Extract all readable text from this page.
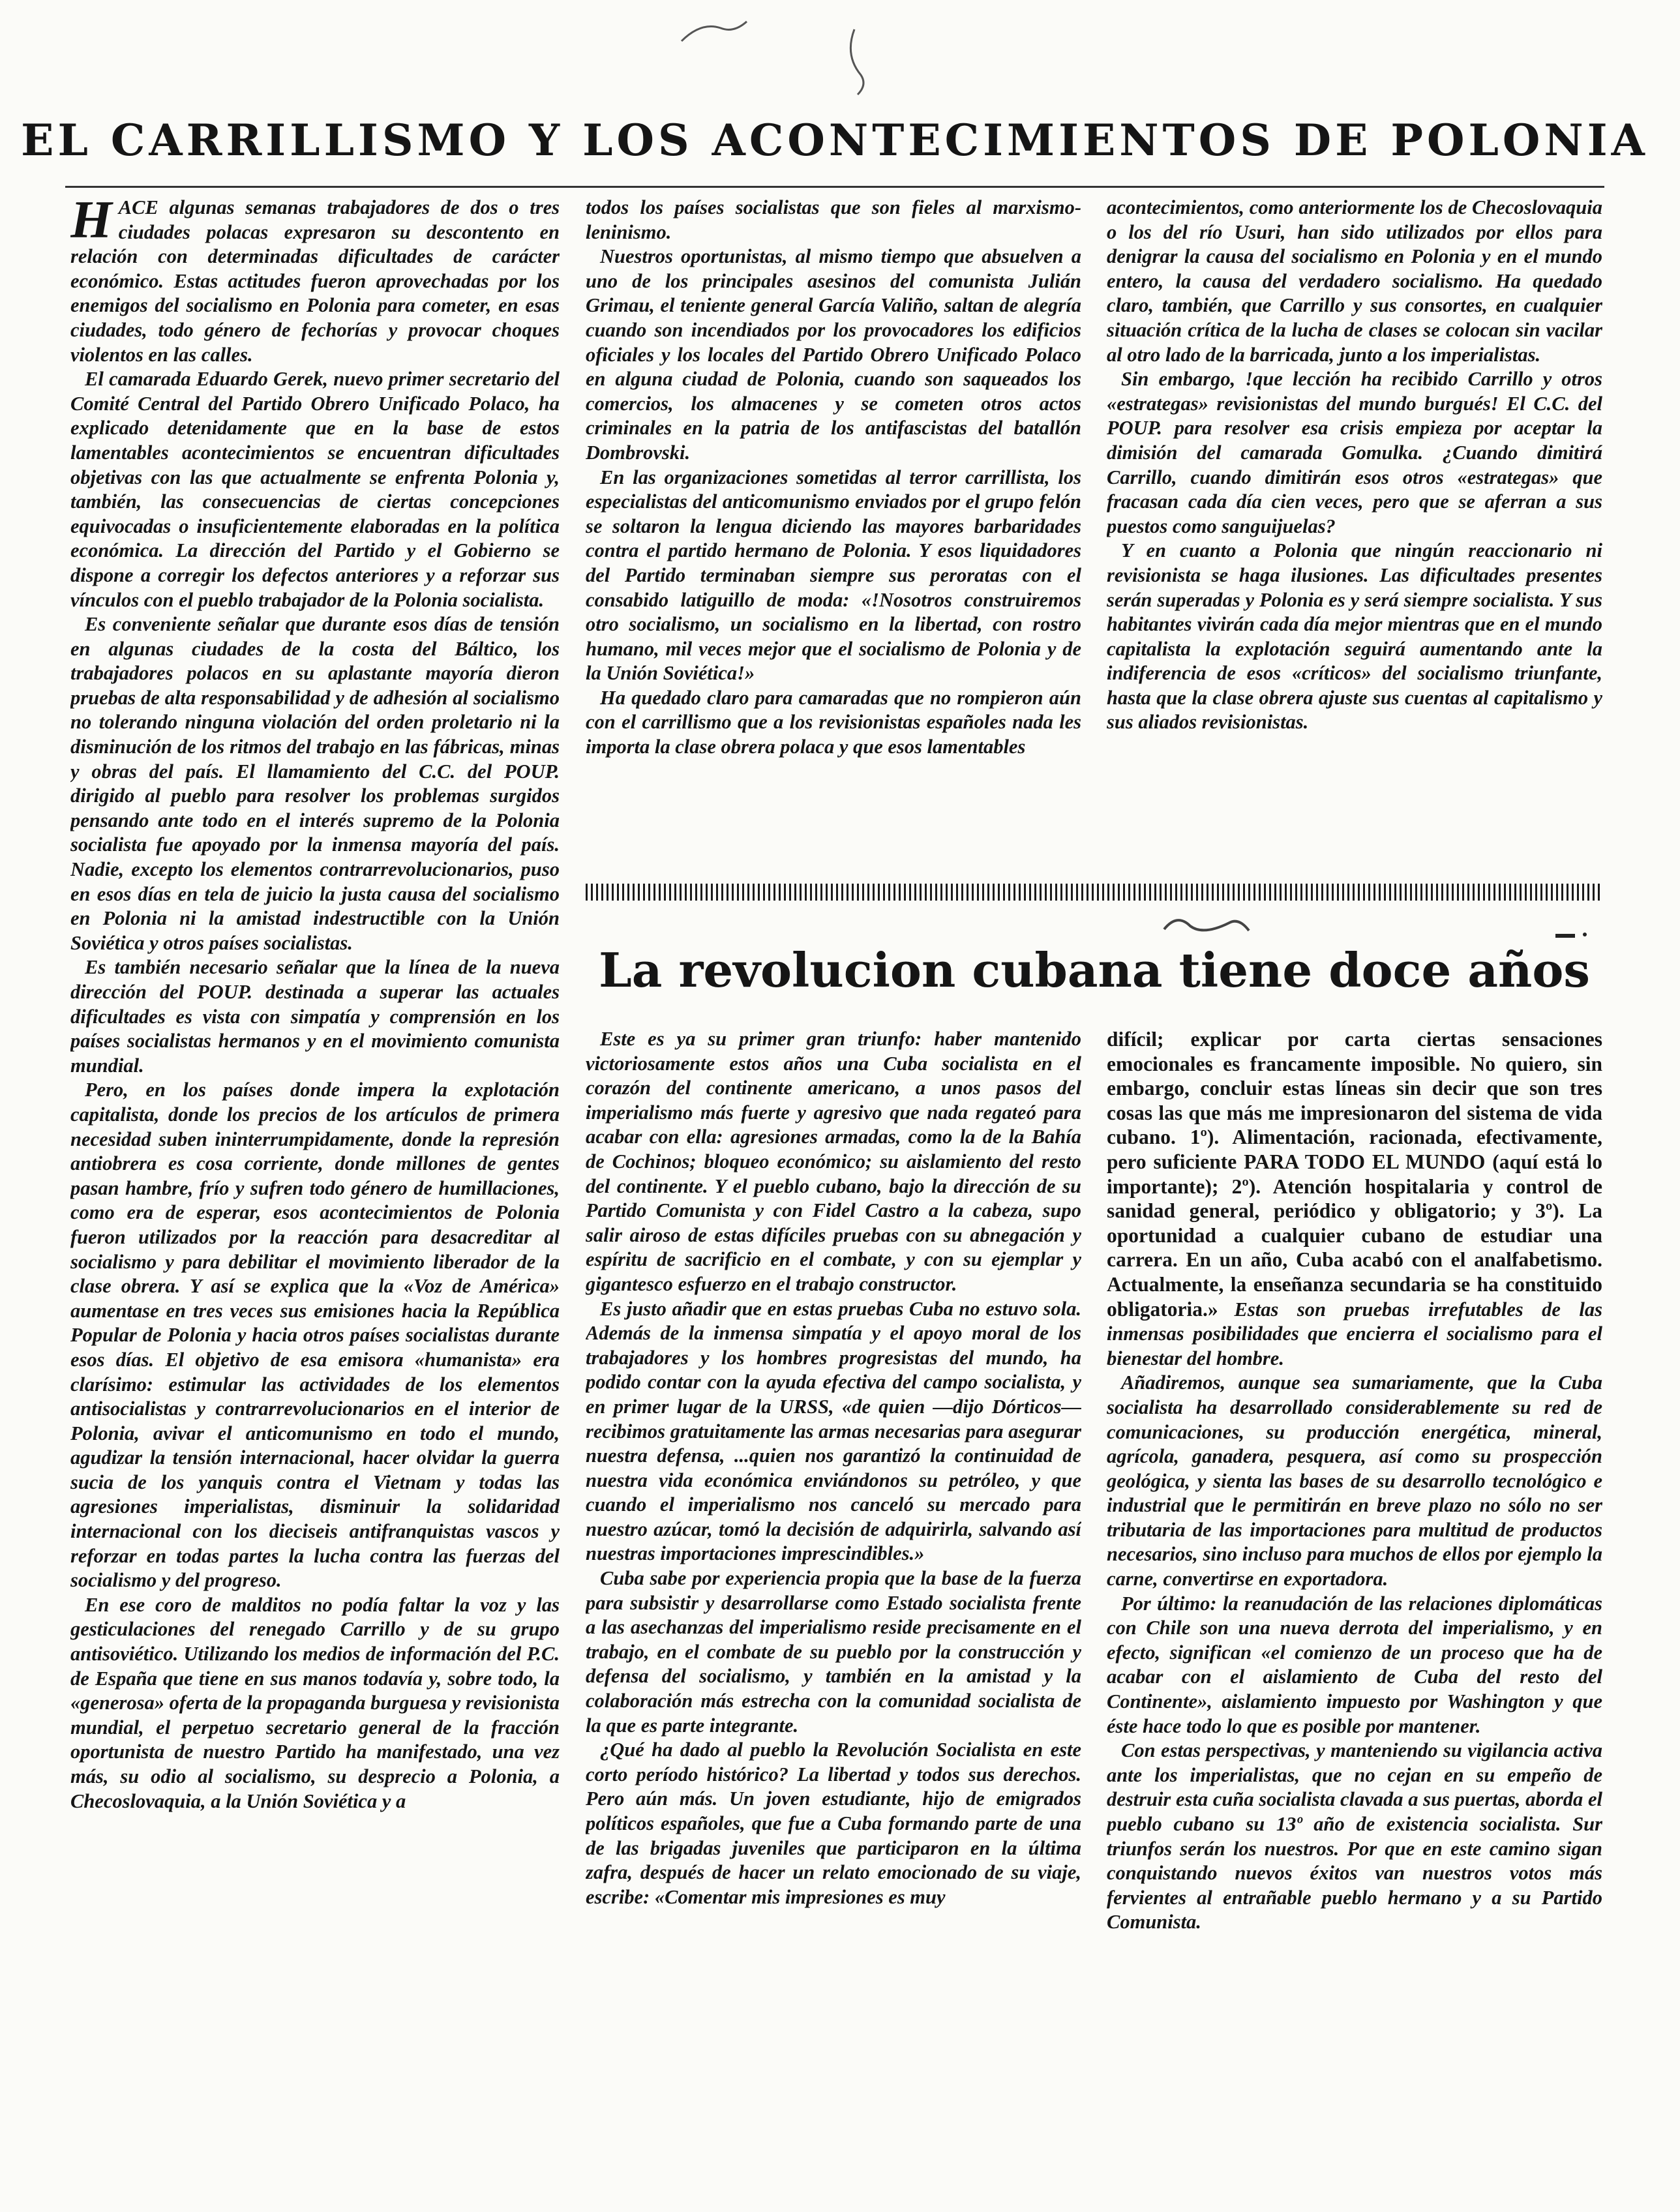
EL CARRILLISMO Y LOS ACONTECIMIENTOS DE POLONIA

HACE algunas semanas trabajadores de dos o tres ciudades polacas expresaron su descontento en relación con determinadas dificultades de carácter económico. Estas actitudes fueron aprovechadas por los enemigos del socialismo en Polonia para cometer, en esas ciudades, todo género de fechorías y provocar choques violentos en las calles.

El camarada Eduardo Gerek, nuevo primer secretario del Comité Central del Partido Obrero Unificado Polaco, ha explicado detenidamente que en la base de estos lamentables acontecimientos se encuentran dificultades objetivas con las que actualmente se enfrenta Polonia y, también, las consecuencias de ciertas concepciones equivocadas o insuficientemente elaboradas en la política económica. La dirección del Partido y el Gobierno se dispone a corregir los defectos anteriores y a reforzar sus vínculos con el pueblo trabajador de la Polonia socialista.

Es conveniente señalar que durante esos días de tensión en algunas ciudades de la costa del Báltico, los trabajadores polacos en su aplastante mayoría dieron pruebas de alta responsabilidad y de adhesión al socialismo no tolerando ninguna violación del orden proletario ni la disminución de los ritmos del trabajo en las fábricas, minas y obras del país. El llamamiento del C.C. del POUP. dirigido al pueblo para resolver los problemas surgidos pensando ante todo en el interés supremo de la Polonia socialista fue apoyado por la inmensa mayoría del país. Nadie, excepto los elementos contrarrevolucionarios, puso en esos días en tela de juicio la justa causa del socialismo en Polonia ni la amistad indestructible con la Unión Soviética y otros países socialistas.

Es también necesario señalar que la línea de la nueva dirección del POUP. destinada a superar las actuales dificultades es vista con simpatía y comprensión en los países socialistas hermanos y en el movimiento comunista mundial.

Pero, en los países donde impera la explotación capitalista, donde los precios de los artículos de primera necesidad suben ininterrumpidamente, donde la represión antiobrera es cosa corriente, donde millones de gentes pasan hambre, frío y sufren todo género de humillaciones, como era de esperar, esos acontecimientos de Polonia fueron utilizados por la reacción para desacreditar al socialismo y para debilitar el movimiento liberador de la clase obrera. Y así se explica que la «Voz de América» aumentase en tres veces sus emisiones hacia la República Popular de Polonia y hacia otros países socialistas durante esos días. El objetivo de esa emisora «humanista» era clarísimo: estimular las actividades de los elementos antisocialistas y contrarrevolucionarios en el interior de Polonia, avivar el anticomunismo en todo el mundo, agudizar la tensión internacional, hacer olvidar la guerra sucia de los yanquis contra el Vietnam y todas las agresiones imperialistas, disminuir la solidaridad internacional con los dieciseis antifranquistas vascos y reforzar en todas partes la lucha contra las fuerzas del socialismo y del progreso.

En ese coro de malditos no podía faltar la voz y las gesticulaciones del renegado Carrillo y de su grupo antisoviético. Utilizando los medios de información del P.C. de España que tiene en sus manos todavía y, sobre todo, la «generosa» oferta de la propaganda burguesa y revisionista mundial, el perpetuo secretario general de la fracción oportunista de nuestro Partido ha manifestado, una vez más, su odio al socialismo, su desprecio a Polonia, a Checoslovaquia, a la Unión Soviética y a

todos los países socialistas que son fieles al marxismo-leninismo.

Nuestros oportunistas, al mismo tiempo que absuelven a uno de los principales asesinos del comunista Julián Grimau, el teniente general García Valiño, saltan de alegría cuando son incendiados por los provocadores los edificios oficiales y los locales del Partido Obrero Unificado Polaco en alguna ciudad de Polonia, cuando son saqueados los comercios, los almacenes y se cometen otros actos criminales en la patria de los antifascistas del batallón Dombrovski.

En las organizaciones sometidas al terror carrillista, los especialistas del anticomunismo enviados por el grupo felón se soltaron la lengua diciendo las mayores barbaridades contra el partido hermano de Polonia. Y esos liquidadores del Partido terminaban siempre sus peroratas con el consabido latiguillo de moda: «!Nosotros construiremos otro socialismo, un socialismo en la libertad, con rostro humano, mil veces mejor que el socialismo de Polonia y de la Unión Soviética!»

Ha quedado claro para camaradas que no rompieron aún con el carrillismo que a los revisionistas españoles nada les importa la clase obrera polaca y que esos lamentables

acontecimientos, como anteriormente los de Checoslovaquia o los del río Usuri, han sido utilizados por ellos para denigrar la causa del socialismo en Polonia y en el mundo entero, la causa del verdadero socialismo. Ha quedado claro, también, que Carrillo y sus consortes, en cualquier situación crítica de la lucha de clases se colocan sin vacilar al otro lado de la barricada, junto a los imperialistas.

Sin embargo, !que lección ha recibido Carrillo y otros «estrategas» revisionistas del mundo burgués! El C.C. del POUP. para resolver esa crisis empieza por aceptar la dimisión del camarada Gomulka. ¿Cuando dimitirá Carrillo, cuando dimitirán esos otros «estrategas» que fracasan cada día cien veces, pero que se aferran a sus puestos como sanguijuelas?

Y en cuanto a Polonia que ningún reaccionario ni revisionista se haga ilusiones. Las dificultades presentes serán superadas y Polonia es y será siempre socialista. Y sus habitantes vivirán cada día mejor mientras que en el mundo capitalista la explotación seguirá aumentando ante la indiferencia de esos «críticos» del socialismo triunfante, hasta que la clase obrera ajuste sus cuentas al capitalismo y sus aliados revisionistas.

La revolucion cubana tiene doce años

Este es ya su primer gran triunfo: haber mantenido victoriosamente estos años una Cuba socialista en el corazón del continente americano, a unos pasos del imperialismo más fuerte y agresivo que nada regateó para acabar con ella: agresiones armadas, como la de la Bahía de Cochinos; bloqueo económico; su aislamiento del resto del continente. Y el pueblo cubano, bajo la dirección de su Partido Comunista y con Fidel Castro a la cabeza, supo salir airoso de estas difíciles pruebas con su abnegación y espíritu de sacrificio en el combate, y con su ejemplar y gigantesco esfuerzo en el trabajo constructor.

Es justo añadir que en estas pruebas Cuba no estuvo sola. Además de la inmensa simpatía y el apoyo moral de los trabajadores y los hombres progresistas del mundo, ha podido contar con la ayuda efectiva del campo socialista, y en primer lugar de la URSS, «de quien —dijo Dórticos— recibimos gratuitamente las armas necesarias para asegurar nuestra defensa, ...quien nos garantizó la continuidad de nuestra vida económica enviándonos su petróleo, y que cuando el imperialismo nos canceló su mercado para nuestro azúcar, tomó la decisión de adquirirla, salvando así nuestras importaciones imprescindibles.»

Cuba sabe por experiencia propia que la base de la fuerza para subsistir y desarrollarse como Estado socialista frente a las asechanzas del imperialismo reside precisamente en el trabajo, en el combate de su pueblo por la construcción y defensa del socialismo, y también en la amistad y la colaboración más estrecha con la comunidad socialista de la que es parte integrante.

¿Qué ha dado al pueblo la Revolución Socialista en este corto período histórico? La libertad y todos sus derechos. Pero aún más. Un joven estudiante, hijo de emigrados políticos españoles, que fue a Cuba formando parte de una de las brigadas juveniles que participaron en la última zafra, después de hacer un relato emocionado de su viaje, escribe: «Comentar mis impresiones es muy

difícil; explicar por carta ciertas sensaciones emocionales es francamente imposible. No quiero, sin embargo, concluir estas líneas sin decir que son tres cosas las que más me impresionaron del sistema de vida cubano. 1º). Alimentación, racionada, efectivamente, pero suficiente PARA TODO EL MUNDO (aquí está lo importante); 2º). Atención hospitalaria y control de sanidad general, periódico y obligatorio; y 3º). La oportunidad a cualquier cubano de estudiar una carrera. En un año, Cuba acabó con el analfabetismo. Actualmente, la enseñanza secundaria se ha constituido obligatoria.» Estas son pruebas irrefutables de las inmensas posibilidades que encierra el socialismo para el bienestar del hombre.

Añadiremos, aunque sea sumariamente, que la Cuba socialista ha desarrollado considerablemente su red de comunicaciones, su producción energética, mineral, agrícola, ganadera, pesquera, así como su prospección geológica, y sienta las bases de su desarrollo tecnológico e industrial que le permitirán en breve plazo no sólo no ser tributaria de las importaciones para multitud de productos necesarios, sino incluso para muchos de ellos por ejemplo la carne, convertirse en exportadora.

Por último: la reanudación de las relaciones diplomáticas con Chile son una nueva derrota del imperialismo, y en efecto, significan «el comienzo de un proceso que ha de acabar con el aislamiento de Cuba del resto del Continente», aislamiento impuesto por Washington y que éste hace todo lo que es posible por mantener.

Con estas perspectivas, y manteniendo su vigilancia activa ante los imperialistas, que no cejan en su empeño de destruir esta cuña socialista clavada a sus puertas, aborda el pueblo cubano su 13º año de existencia socialista. Sur triunfos serán los nuestros. Por que en este camino sigan conquistando nuevos éxitos van nuestros votos más fervientes al entrañable pueblo hermano y a su Partido Comunista.
